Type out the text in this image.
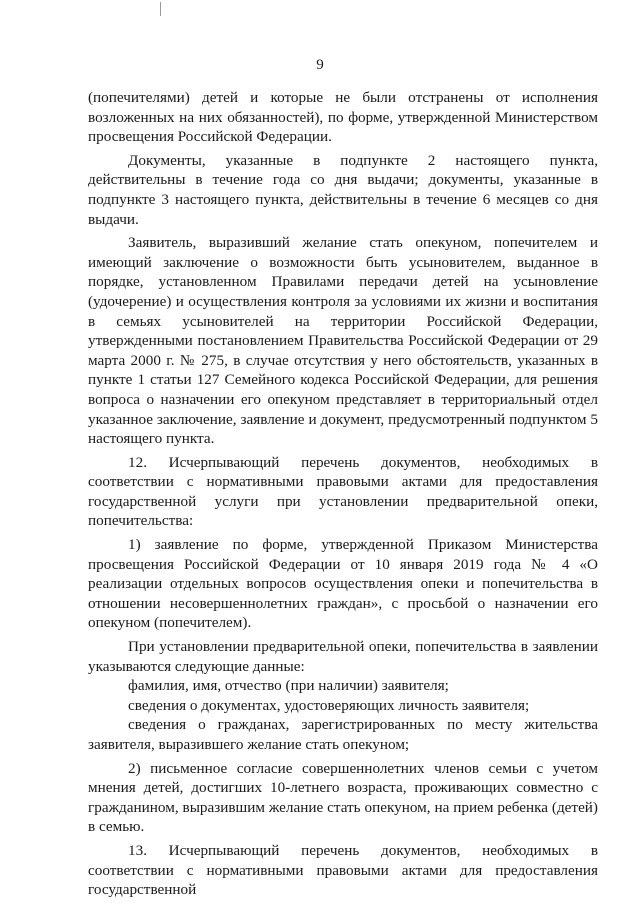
9

(попечителями) детей и которые не были отстранены от исполнения возложенных на них обязанностей), по форме, утвержденной Министерством просвещения Российской Федерации.

Документы, указанные в подпункте 2 настоящего пункта, действительны в течение года со дня выдачи; документы, указанные в подпункте 3 настоящего пункта, действительны в течение 6 месяцев со дня выдачи.

Заявитель, выразивший желание стать опекуном, попечителем и имеющий заключение о возможности быть усыновителем, выданное в порядке, установленном Правилами передачи детей на усыновление (удочерение) и осуществления контроля за условиями их жизни и воспитания в семьях усыновителей на территории Российской Федерации, утвержденными постановлением Правительства Российской Федерации от 29 марта 2000 г. № 275, в случае отсутствия у него обстоятельств, указанных в пункте 1 статьи 127 Семейного кодекса Российской Федерации, для решения вопроса о назначении его опекуном представляет в территориальный отдел указанное заключение, заявление и документ, предусмотренный подпунктом 5 настоящего пункта.

12. Исчерпывающий перечень документов, необходимых в соответствии с нормативными правовыми актами для предоставления государственной услуги при установлении предварительной опеки, попечительства:

1) заявление по форме, утвержденной Приказом Министерства просвещения Российской Федерации от 10 января 2019 года № 4 «О реализации отдельных вопросов осуществления опеки и попечительства в отношении несовершеннолетних граждан», с просьбой о назначении его опекуном (попечителем).

При установлении предварительной опеки, попечительства в заявлении указываются следующие данные:

фамилия, имя, отчество (при наличии) заявителя;

сведения о документах, удостоверяющих личность заявителя;

сведения о гражданах, зарегистрированных по месту жительства заявителя, выразившего желание стать опекуном;

2) письменное согласие совершеннолетних членов семьи с учетом мнения детей, достигших 10-летнего возраста, проживающих совместно с гражданином, выразившим желание стать опекуном, на прием ребенка (детей) в семью.

13. Исчерпывающий перечень документов, необходимых в соответствии с нормативными правовыми актами для предоставления государственной
